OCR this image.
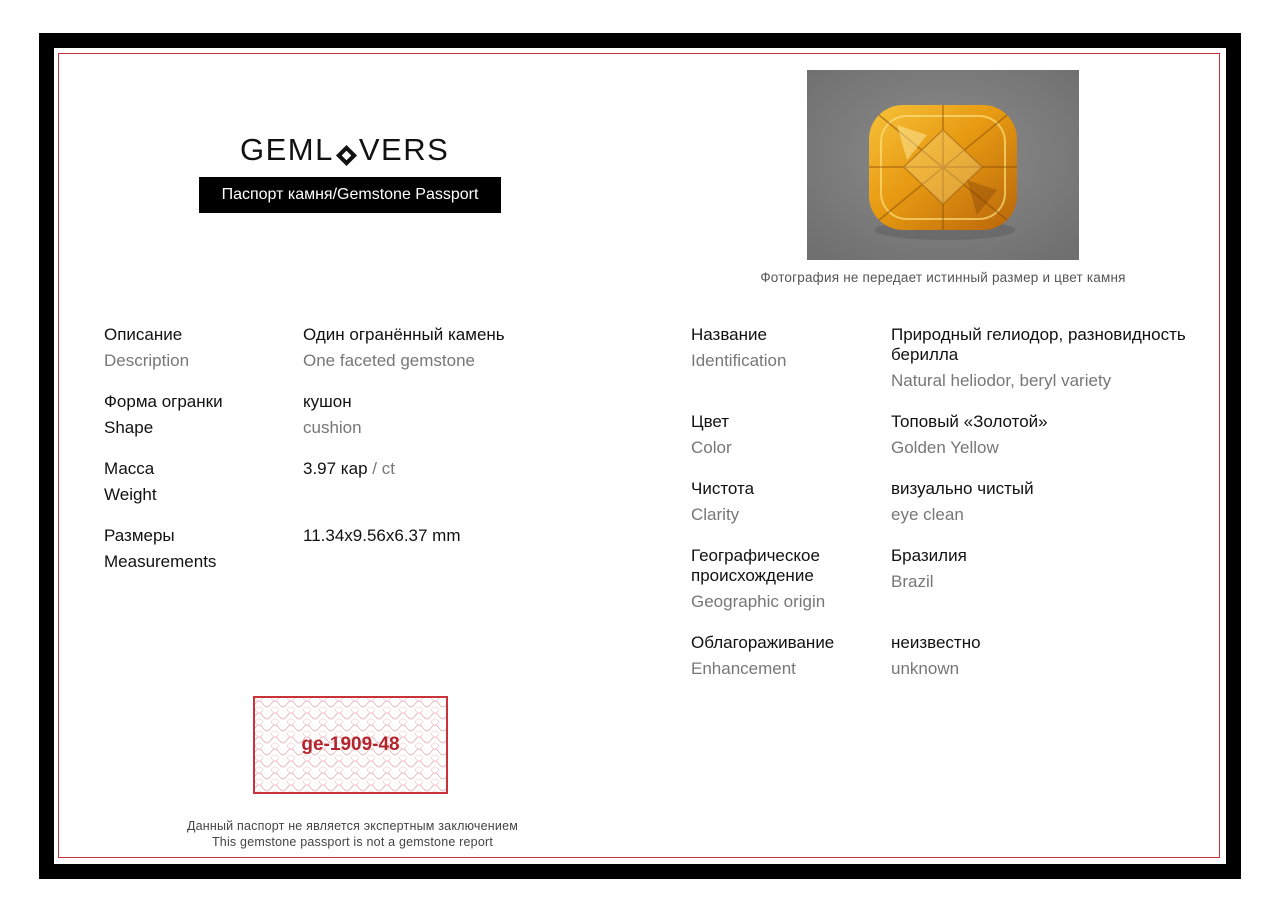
GEML VERS
Паспорт камня/Gemstone Passport
Фотография не передает истинный размер и цвет камня
Описание
Description
Один огранённый камень
One faceted gemstone
Форма огранки
Shape
кушон
cushion
Масса
Weight
3.97 кар / ct
Размеры
Measurements
11.34x9.56x6.37 mm
Название
Identification
Природный гелиодор, разновидность
берилла
Natural heliodor, beryl variety
Цвет
Color
Топовый «Золотой»
Golden Yellow
Чистота
Clarity
визуально чистый
eye clean
Географическое
происхождение
Geographic origin
Бразилия
Brazil
Облагораживание
Enhancement
неизвестно
unknown
ge-1909-48
Данный паспорт не является экспертным заключением
This gemstone passport is not a gemstone report
